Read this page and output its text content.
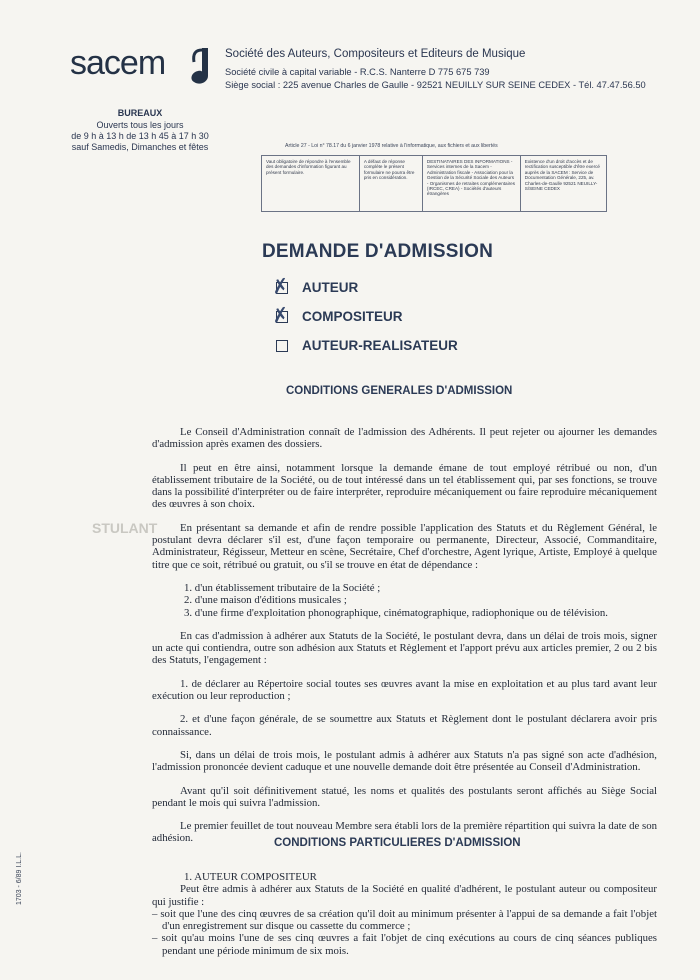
sacem	Société des Auteurs, Compositeurs et Editeurs de Musique
Société civile à capital variable - R.C.S. Nanterre D 775 675 739
Siège social : 225 avenue Charles de Gaulle - 92521 NEUILLY SUR SEINE CEDEX - Tél. 47.47.56.50
BUREAUX
Ouverts tous les jours
de 9 h à 13 h de 13 h 45 à 17 h 30
sauf Samedis, Dimanches et fêtes	Article 27 - Loi n° 78.17 du 6 janvier 1978 relative à l'informatique, aux fichiers et aux libertés
Vaut obligatoire de répondre à l'ensemble des demandes d'information figurant au présent formulaire.
A défaut de réponse complète le présent formulaire ne pourra être pris en considération.
DESTINATAIRES DES INFORMATIONS - Services internes de la Sacem - Administration fiscale - Association pour la Gestion de la Sécurité Sociale des Auteurs - Organismes de retraites complémentaires (IRCEC, CREA) - Sociétés d'auteurs étrangères
Existence d'un droit d'accès et de rectification susceptible d'être exercé auprès de la SACEM : Service de Documentation Générale, 225, av. Charles-de-Gaulle 92521 NEUILLY-S/SEINE CEDEX
STULANT
DEMANDE D'ADMISSION
✗ AUTEUR
✗ COMPOSITEUR
AUTEUR-REALISATEUR
CONDITIONS GENERALES D'ADMISSION

Le Conseil d'Administration connaît de l'admission des Adhérents. Il peut rejeter ou ajourner les demandes d'admission après examen des dossiers.

Il peut en être ainsi, notamment lorsque la demande émane de tout employé rétribué ou non, d'un établissement tributaire de la Société, ou de tout intéressé dans un tel établissement qui, par ses fonctions, se trouve dans la possibilité d'interpréter ou de faire interpréter, reproduire mécaniquement ou faire reproduire mécaniquement des œuvres à son choix.

En présentant sa demande et afin de rendre possible l'application des Statuts et du Règlement Général, le postulant devra déclarer s'il est, d'une façon temporaire ou permanente, Directeur, Associé, Commanditaire, Administrateur, Régisseur, Metteur en scène, Secrétaire, Chef d'orchestre, Agent lyrique, Artiste, Employé à quelque titre que ce soit, rétribué ou gratuit, ou s'il se trouve en état de dépendance :

1. d'un établissement tributaire de la Société ;
2. d'une maison d'éditions musicales ;
3. d'une firme d'exploitation phonographique, cinématographique, radiophonique ou de télévision.

En cas d'admission à adhérer aux Statuts de la Société, le postulant devra, dans un délai de trois mois, signer un acte qui contiendra, outre son adhésion aux Statuts et Règlement et l'apport prévu aux articles premier, 2 ou 2 bis des Statuts, l'engagement :

1. de déclarer au Répertoire social toutes ses œuvres avant la mise en exploitation et au plus tard avant leur exécution ou leur reproduction ;

2. et d'une façon générale, de se soumettre aux Statuts et Règlement dont le postulant déclarera avoir pris connaissance.

Si, dans un délai de trois mois, le postulant admis à adhérer aux Statuts n'a pas signé son acte d'adhésion, l'admission prononcée devient caduque et une nouvelle demande doit être présentée au Conseil d'Administration.

Avant qu'il soit définitivement statué, les noms et qualités des postulants seront affichés au Siège Social pendant le mois qui suivra l'admission.

Le premier feuillet de tout nouveau Membre sera établi lors de la première répartition qui suivra la date de son adhésion.	CONDITIONS PARTICULIERES D'ADMISSION
1. AUTEUR COMPOSITEUR

Peut être admis à adhérer aux Statuts de la Société en qualité d'adhérent, le postulant auteur ou compositeur qui justifie :

– soit que l'une des cinq œuvres de sa création qu'il doit au minimum présenter à l'appui de sa demande a fait l'objet d'un enregistrement sur disque ou cassette du commerce ;
– soit qu'au moins l'une de ses cinq œuvres a fait l'objet de cinq exécutions au cours de cinq séances publiques pendant une période minimum de six mois.
1703 - 6/89 I.L.L.
